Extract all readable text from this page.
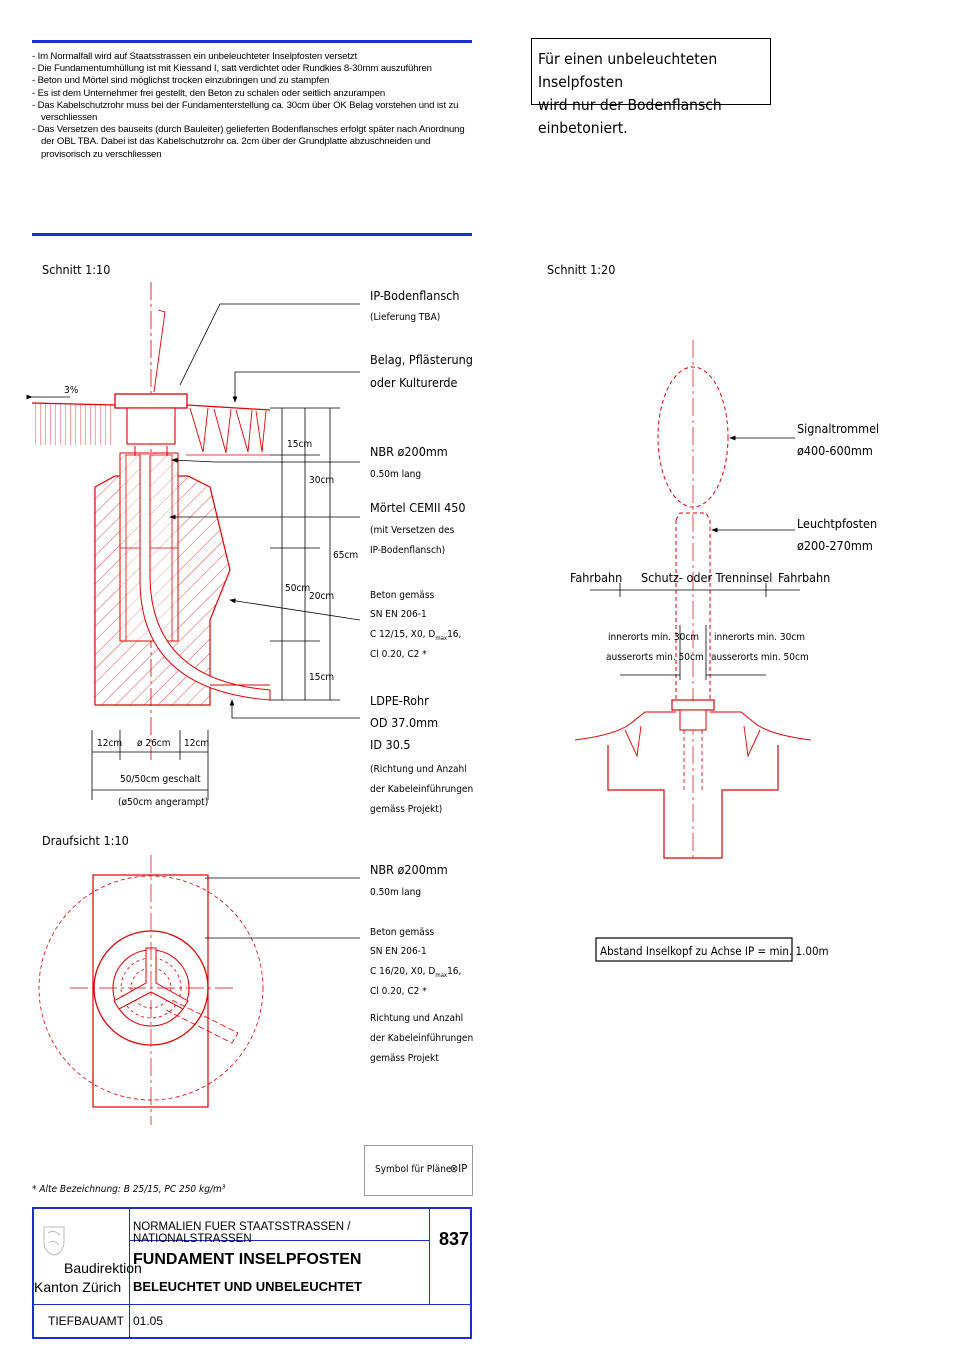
- Im Normalfall wird auf Staatsstrassen ein unbeleuchteter Inselpfosten versetzt
- Die Fundamentumhüllung ist mit Kiessand I, satt verdichtet oder Rundkies 8-30mm auszuführen
- Beton und Mörtel sind möglichst trocken einzubringen und zu stampfen
- Es ist dem Unternehmer frei gestellt, den Beton zu schalen oder seitlich anzurampen
- Das Kabelschutzrohr muss bei der Fundamenterstellung ca. 30cm über OK Belag vorstehen und ist zu verschliessen
- Das Versetzen des bauseits (durch Bauleiter) gelieferten Bodenflansches erfolgt später nach Anordnung der OBL TBA. Dabei ist das Kabelschutzrohr ca. 2cm über der Grundplatte abzuschneiden und provisorisch zu verschliessen
Für einen unbeleuchteten Inselpfosten
wird nur der Bodenflansch einbetoniert.
Schnitt 1:10
3%
15cm
30cm
65cm
50cm
20cm
15cm
12cm ø 26cm 12cm
50/50cm geschalt
(ø50cm angerampt)
IP-Bodenflansch
(Lieferung TBA)
Belag, Pflästerung
oder Kulturerde
NBR ø200mm
0.50m lang
Mörtel CEMII 450
(mit Versetzen des
IP-Bodenflansch)
Beton gemäss
SN EN 206-1
C 12/15, X0, $D_{max}16$,
Cl 0.20, C2 *
LDPE-Rohr
OD 37.0mm
ID 30.5
(Richtung und Anzahl
der Kabeleinführungen
gemäss Projekt)
Draufsicht 1:10
NBR ø200mm
0.50m lang
Beton gemäss
SN EN 206-1
C 16/20, X0, $D_{max}16$,
Cl 0.20, C2 *
Richtung und Anzahl
der Kabeleinführungen
gemäss Projekt
Schnitt 1:20
Signaltrommel
ø400-600mm
Leuchtpfosten
ø200-270mm
Fahrbahn Schutz- oder Trenninsel Fahrbahn
innerorts min. 30cm
ausserorts min. 50cm
innerorts min. 30cm
ausserorts min. 50cm
Abstand Inselkopf zu Achse IP = min. 1.00m
* Alte Bezeichnung: B 25/15, PC 250 kg/m³
Symbol für Pläne
⊗IP
Baudirektion
Kanton Zürich
NORMALIEN FUER STAATSSTRASSEN / NATIONALSTRASSEN
FUNDAMENT INSELPFOSTEN
BELEUCHTET UND UNBELEUCHTET
837
TIEFBAUAMT 01.05
